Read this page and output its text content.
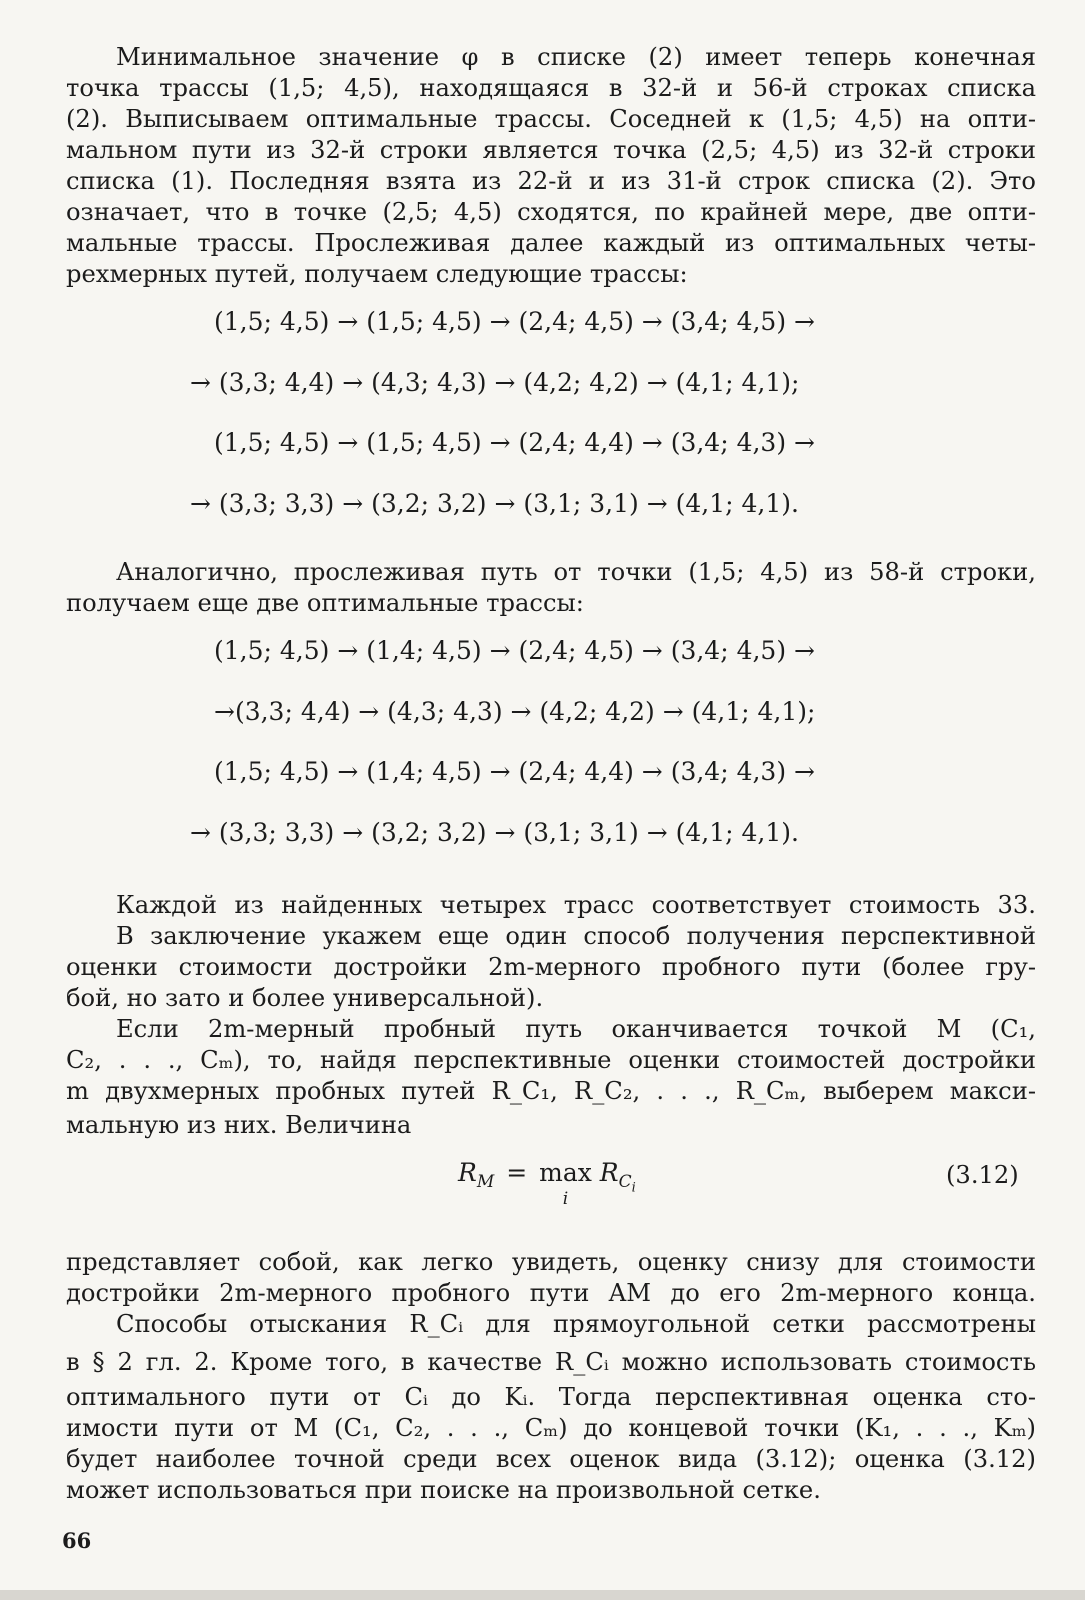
Минимальное значение φ в списке (2) имеет теперь конечная
точка трассы (1,5; 4,5), находящаяся в 32-й и 56-й строках списка
(2). Выписываем оптимальные трассы. Соседней к (1,5; 4,5) на опти-
мальном пути из 32-й строки является точка (2,5; 4,5) из 32-й строки
списка (1). Последняя взята из 22-й и из 31-й строк списка (2). Это
означает, что в точке (2,5; 4,5) сходятся, по крайней мере, две опти-
мальные трассы. Прослеживая далее каждый из оптимальных четы-
рехмерных путей, получаем следующие трассы:
(1,5; 4,5) → (1,5; 4,5) → (2,4; 4,5) → (3,4; 4,5) →
→ (3,3; 4,4) → (4,3; 4,3) → (4,2; 4,2) → (4,1; 4,1);
(1,5; 4,5) → (1,5; 4,5) → (2,4; 4,4) → (3,4; 4,3) →
→ (3,3; 3,3) → (3,2; 3,2) → (3,1; 3,1) → (4,1; 4,1).
Аналогично, прослеживая путь от точки (1,5; 4,5) из 58-й строки,
получаем еще две оптимальные трассы:
(1,5; 4,5) → (1,4; 4,5) → (2,4; 4,5) → (3,4; 4,5) →
→(3,3; 4,4) → (4,3; 4,3) → (4,2; 4,2) → (4,1; 4,1);
(1,5; 4,5) → (1,4; 4,5) → (2,4; 4,4) → (3,4; 4,3) →
→ (3,3; 3,3) → (3,2; 3,2) → (3,1; 3,1) → (4,1; 4,1).
Каждой из найденных четырех трасс соответствует стоимость 33.
В заключение укажем еще один способ получения перспективной
оценки стоимости достройки 2m-мерного пробного пути (более гру-
бой, но зато и более универсальной).
Если 2m-мерный пробный путь оканчивается точкой M (C₁,
C₂, . . ., Cₘ), то, найдя перспективные оценки стоимостей достройки
m двухмерных пробных путей R_C₁, R_C₂, . . ., R_Cₘ, выберем макси-
мальную из них. Величина
$R_M = \max$
i
$R_{C_i}$	(3.12)
представляет собой, как легко увидеть, оценку снизу для стоимости
достройки 2m-мерного пробного пути AM до его 2m-мерного конца.
Способы отыскания R_Cᵢ для прямоугольной сетки рассмотрены
в § 2 гл. 2. Кроме того, в качестве R_Cᵢ можно использовать стоимость
оптимального пути от Cᵢ до Kᵢ. Тогда перспективная оценка сто-
имости пути от M (C₁, C₂, . . ., Cₘ) до концевой точки (K₁, . . ., Kₘ)
будет наиболее точной среди всех оценок вида (3.12); оценка (3.12)
может использоваться при поиске на произвольной сетке.
66
